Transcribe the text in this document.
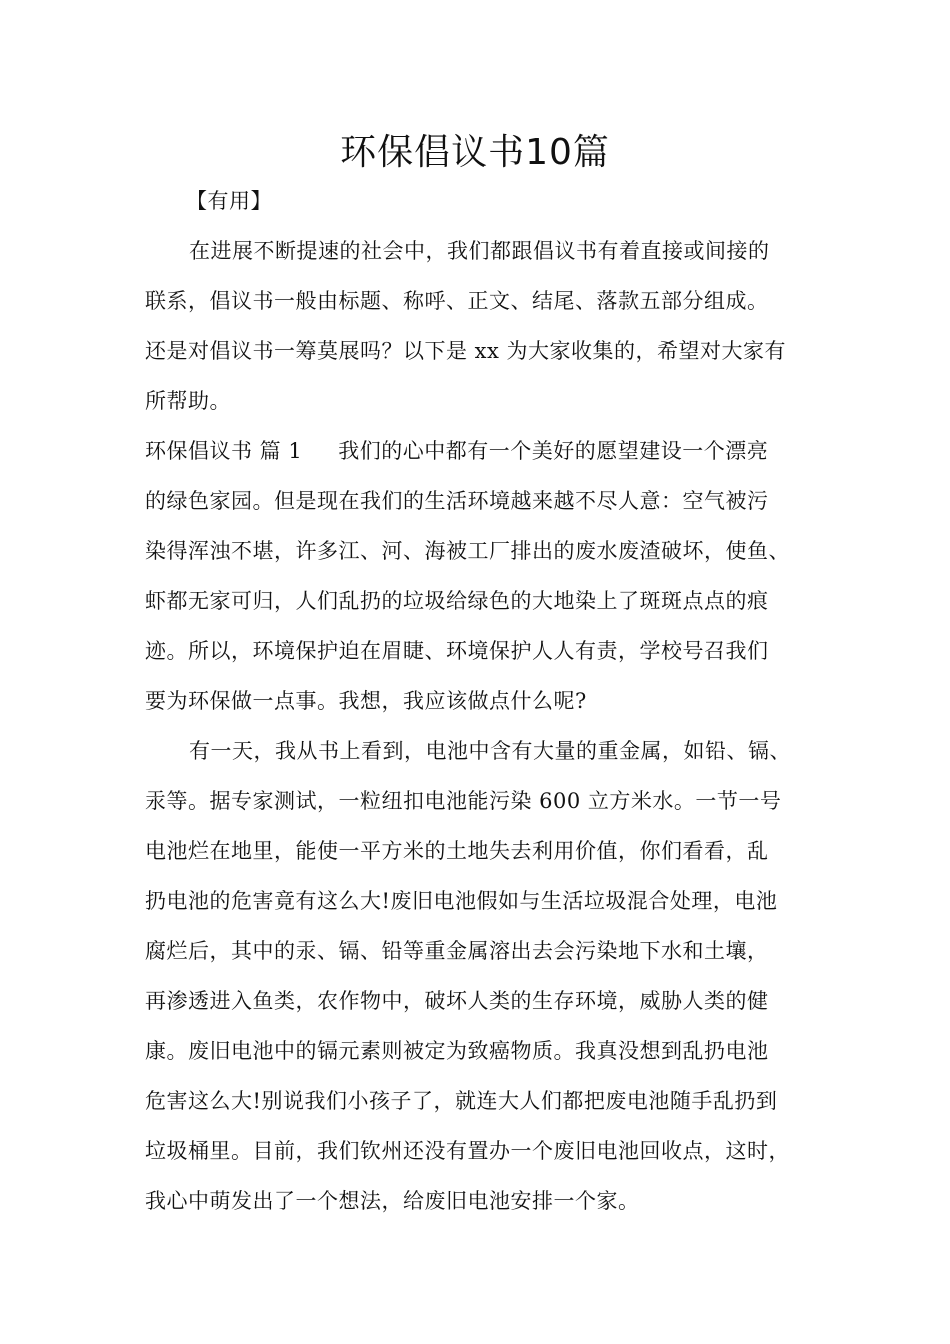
环保倡议书10篇
【有用】
在进展不断提速的社会中，我们都跟倡议书有着直接或间接的
联系，倡议书一般由标题、称呼、正文、结尾、落款五部分组成。
还是对倡议书一筹莫展吗？以下是 xx 为大家收集的，希望对大家有
所帮助。
环保倡议书 篇 1 我们的心中都有一个美好的愿望建设一个漂亮
的绿色家园。但是现在我们的生活环境越来越不尽人意：空气被污
染得浑浊不堪，许多江、河、海被工厂排出的废水废渣破坏，使鱼、
虾都无家可归，人们乱扔的垃圾给绿色的大地染上了斑斑点点的痕
迹。所以，环境保护迫在眉睫、环境保护人人有责，学校号召我们
要为环保做一点事。我想，我应该做点什么呢?
有一天，我从书上看到，电池中含有大量的重金属，如铅、镉、
汞等。据专家测试，一粒纽扣电池能污染 600 立方米水。一节一号
电池烂在地里，能使一平方米的土地失去利用价值，你们看看，乱
扔电池的危害竟有这么大!废旧电池假如与生活垃圾混合处理，电池
腐烂后，其中的汞、镉、铅等重金属溶出去会污染地下水和土壤，
再渗透进入鱼类，农作物中，破坏人类的生存环境，威胁人类的健
康。废旧电池中的镉元素则被定为致癌物质。我真没想到乱扔电池
危害这么大!别说我们小孩子了，就连大人们都把废电池随手乱扔到
垃圾桶里。目前，我们钦州还没有置办一个废旧电池回收点，这时，
我心中萌发出了一个想法，给废旧电池安排一个家。
